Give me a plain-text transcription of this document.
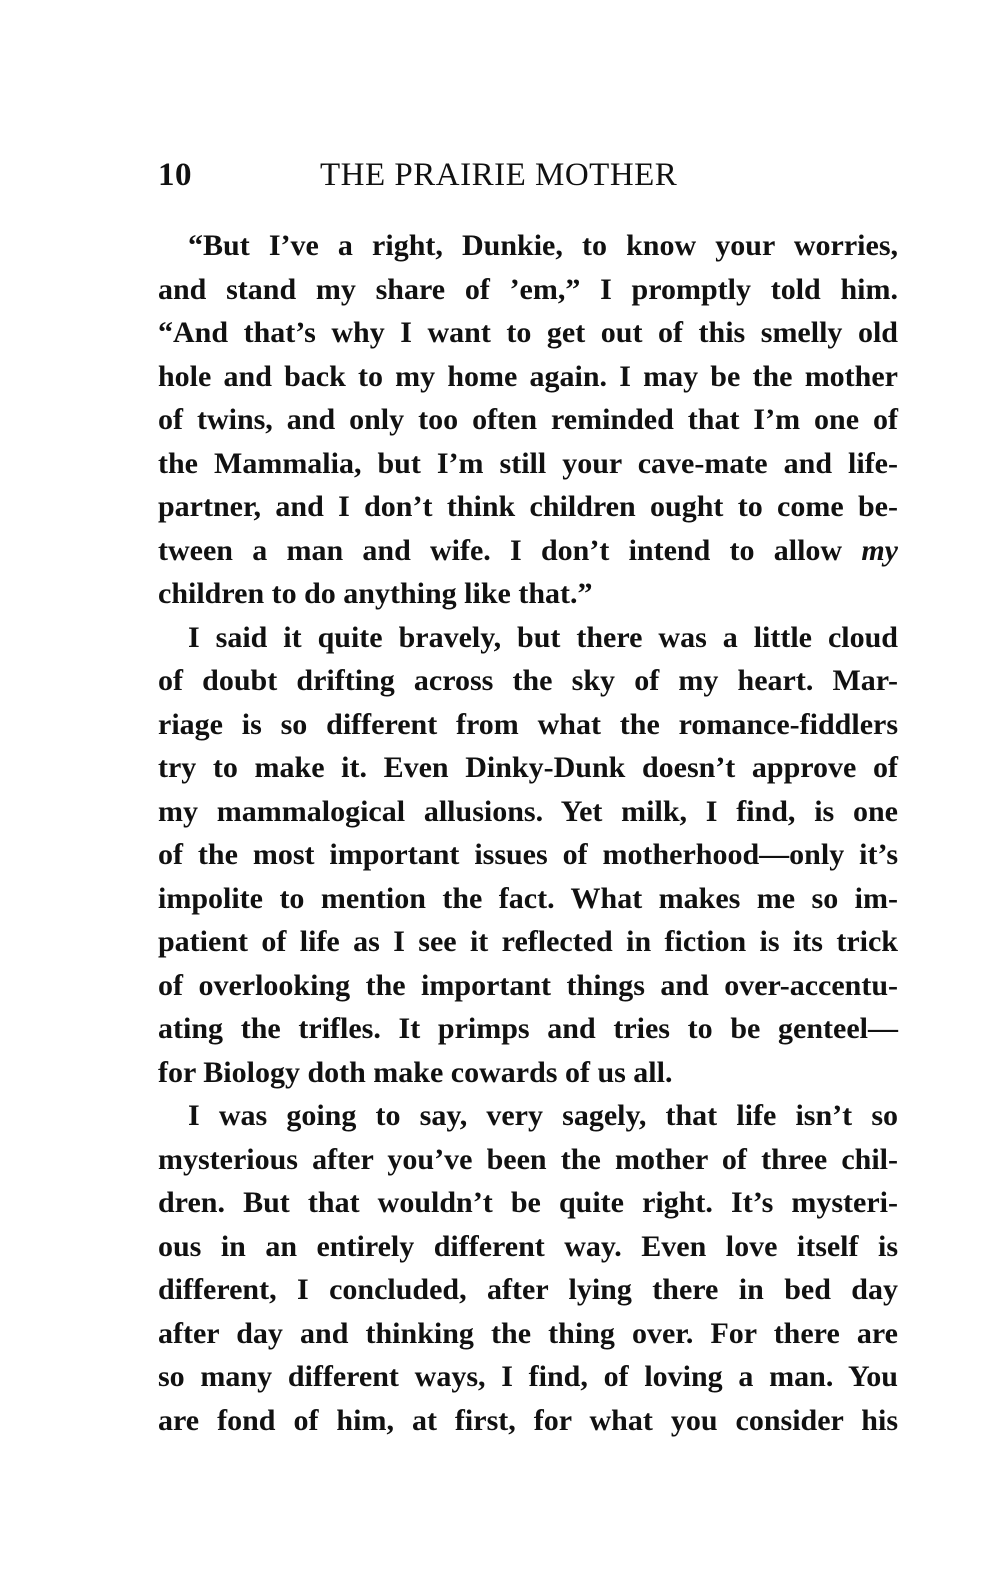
10	THE PRAIRIE MOTHER
“But I’ve a right, Dunkie, to know your worries,
and stand my share of ’em,” I promptly told him.
“And that’s why I want to get out of this smelly old
hole and back to my home again. I may be the mother
of twins, and only too often reminded that I’m one of
the Mammalia, but I’m still your cave-mate and life-
partner, and I don’t think children ought to come be-
tween a man and wife. I don’t intend to allow my
children to do anything like that.”
I said it quite bravely, but there was a little cloud
of doubt drifting across the sky of my heart. Mar-
riage is so different from what the romance-fiddlers
try to make it. Even Dinky-Dunk doesn’t approve of
my mammalogical allusions. Yet milk, I find, is one
of the most important issues of motherhood—only it’s
impolite to mention the fact. What makes me so im-
patient of life as I see it reflected in fiction is its trick
of overlooking the important things and over-accentu-
ating the trifles. It primps and tries to be genteel—
for Biology doth make cowards of us all.
I was going to say, very sagely, that life isn’t so
mysterious after you’ve been the mother of three chil-
dren. But that wouldn’t be quite right. It’s mysteri-
ous in an entirely different way. Even love itself is
different, I concluded, after lying there in bed day
after day and thinking the thing over. For there are
so many different ways, I find, of loving a man. You
are fond of him, at first, for what you consider his
